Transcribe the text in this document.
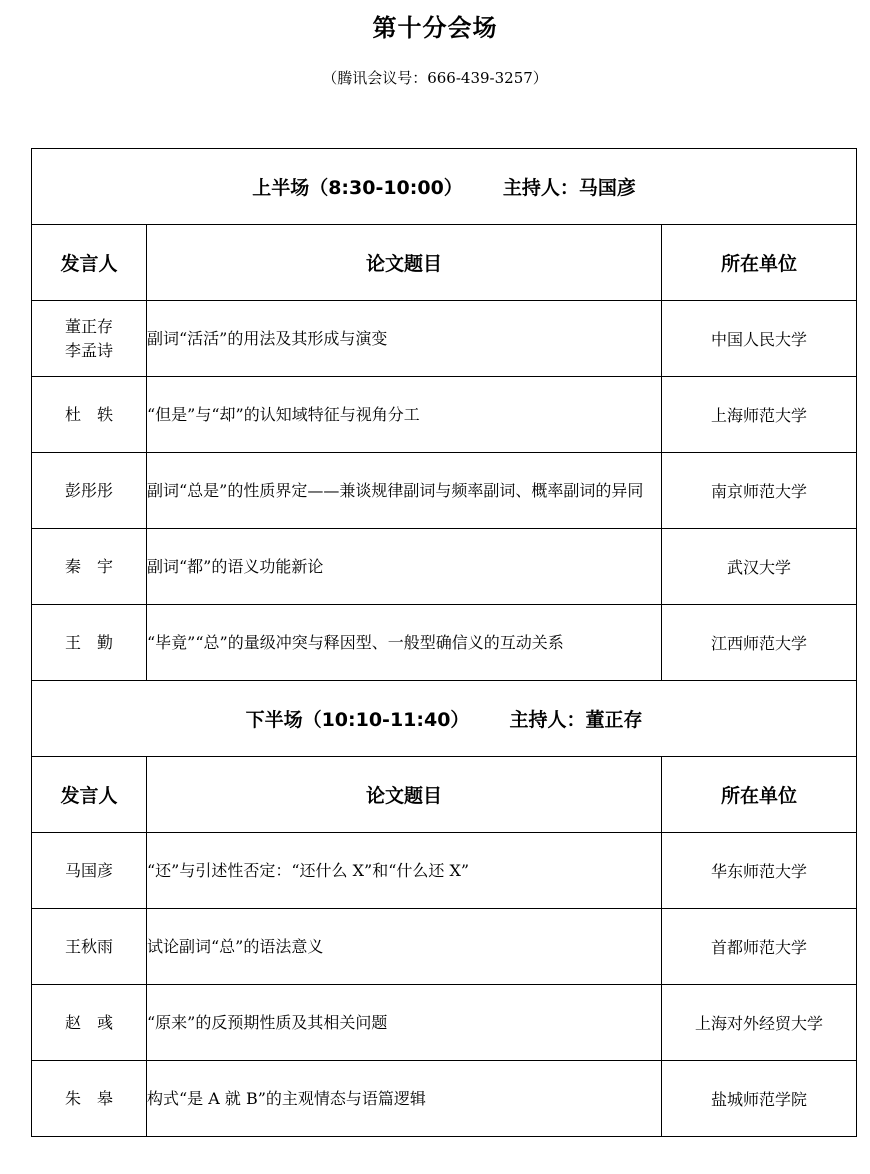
第十分会场
（腾讯会议号：666-439-3257）
上半场（8:30-10:00） 主持人：马国彦		
发言人	论文题目	所在单位

董正存
李孟诗	副词“活活”的用法及其形成与演变	中国人民大学

杜　轶	“但是”与“却”的认知域特征与视角分工	上海师范大学

彭彤彤	副词“总是”的性质界定——兼谈规律副词与频率副词、概率副词的异同	南京师范大学

秦　宇	副词“都”的语义功能新论	武汉大学

王　勤	“毕竟”“总”的量级冲突与释因型、一般型确信义的互动关系	江西师范大学
下半场（10:10-11:40） 主持人：董正存		
发言人	论文题目	所在单位

马国彦	“还”与引述性否定：“还什么 X”和“什么还 X”	华东师范大学

王秋雨	试论副词“总”的语法意义	首都师范大学

赵　彧	“原来”的反预期性质及其相关问题	上海对外经贸大学

朱　皋	构式“是 A 就 B”的主观情态与语篇逻辑	盐城师范学院
